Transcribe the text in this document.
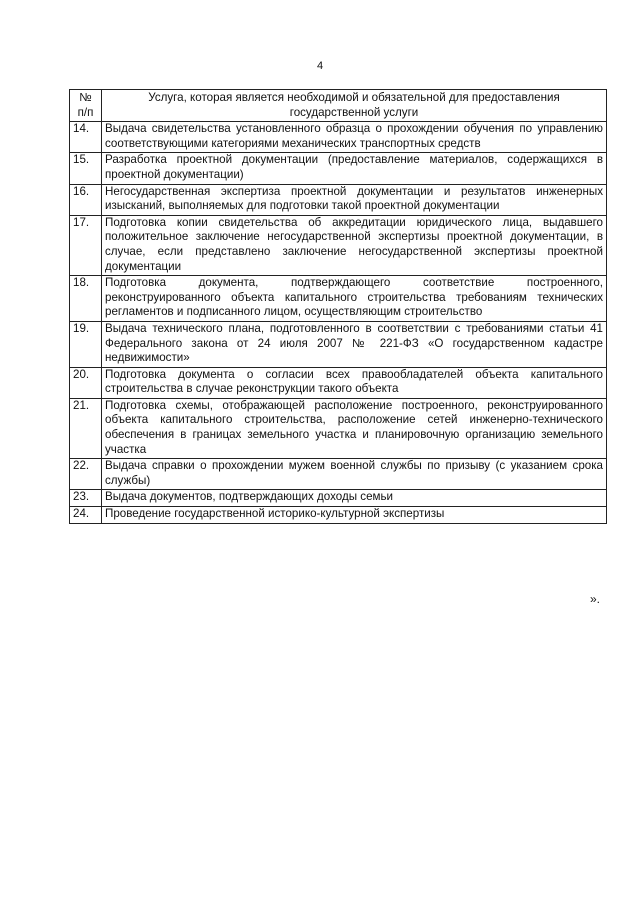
4
№ п/п	Услуга, которая является необходимой и обязательной для предоставления государственной услуги
14.	Выдача свидетельства установленного образца о прохождении обучения по управлению соответствующими категориями механических транспортных средств
15.	Разработка проектной документации (предоставление материалов, содержащихся в проектной документации)
16.	Негосударственная экспертиза проектной документации и результатов инженерных изысканий, выполняемых для подготовки такой проектной документации
17.	Подготовка копии свидетельства об аккредитации юридического лица, выдавшего положительное заключение негосударственной экспертизы проектной документации, в случае, если представлено заключение негосударственной экспертизы проектной документации
18.	Подготовка документа, подтверждающего соответствие построенного, реконструированного объекта капитального строительства требованиям технических регламентов и подписанного лицом, осуществляющим строительство
19.	Выдача технического плана, подготовленного в соответствии с требованиями статьи 41 Федерального закона от 24 июля 2007 № 221-ФЗ «О государственном кадастре недвижимости»
20.	Подготовка документа о согласии всех правообладателей объекта капитального строительства в случае реконструкции такого объекта
21.	Подготовка схемы, отображающей расположение построенного, реконструированного объекта капитального строительства, расположение сетей инженерно-технического обеспечения в границах земельного участка и планировочную организацию земельного участка
22.	Выдача справки о прохождении мужем военной службы по призыву (с указанием срока службы)
23.	Выдача документов, подтверждающих доходы семьи
24.	Проведение государственной историко-культурной экспертизы
».
